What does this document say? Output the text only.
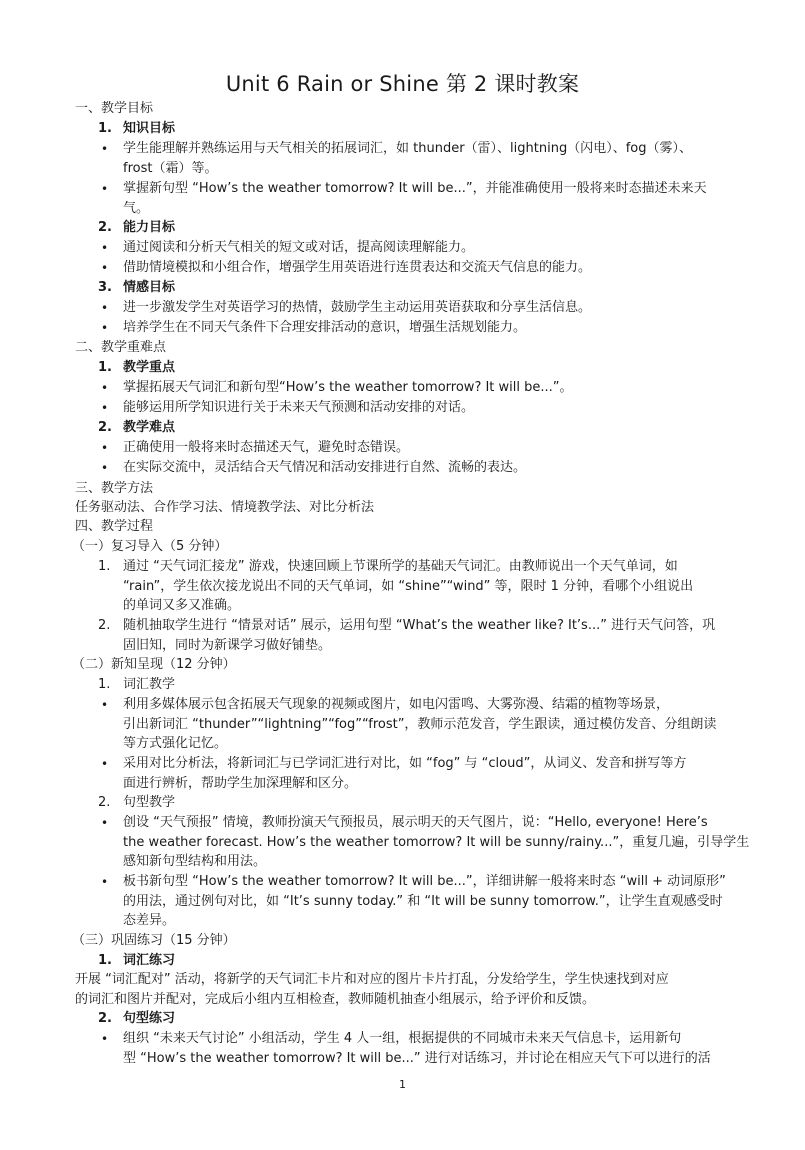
Unit 6 Rain or Shine 第 2 课时教案
一、教学目标
1. 知识目标
• 学生能理解并熟练运用与天气相关的拓展词汇，如 thunder（雷）、lightning（闪电）、fog（雾）、
frost（霜）等。
• 掌握新句型 “How’s the weather tomorrow? It will be...”，并能准确使用一般将来时态描述未来天
气。
2. 能力目标
• 通过阅读和分析天气相关的短文或对话，提高阅读理解能力。
• 借助情境模拟和小组合作，增强学生用英语进行连贯表达和交流天气信息的能力。
3. 情感目标
• 进一步激发学生对英语学习的热情，鼓励学生主动运用英语获取和分享生活信息。
• 培养学生在不同天气条件下合理安排活动的意识，增强生活规划能力。
二、教学重难点
1. 教学重点
• 掌握拓展天气词汇和新句型“How’s the weather tomorrow? It will be...”。
• 能够运用所学知识进行关于未来天气预测和活动安排的对话。
2. 教学难点
• 正确使用一般将来时态描述天气，避免时态错误。
• 在实际交流中，灵活结合天气情况和活动安排进行自然、流畅的表达。
三、教学方法
任务驱动法、合作学习法、情境教学法、对比分析法
四、教学过程
（一）复习导入（5 分钟）
1. 通过 “天气词汇接龙” 游戏，快速回顾上节课所学的基础天气词汇。由教师说出一个天气单词，如
“rain”，学生依次接龙说出不同的天气单词，如 “shine”“wind” 等，限时 1 分钟，看哪个小组说出
的单词又多又准确。
2. 随机抽取学生进行 “情景对话” 展示，运用句型 “What’s the weather like? It’s...” 进行天气问答，巩
固旧知，同时为新课学习做好铺垫。
（二）新知呈现（12 分钟）
1. 词汇教学
• 利用多媒体展示包含拓展天气现象的视频或图片，如电闪雷鸣、大雾弥漫、结霜的植物等场景，
引出新词汇 “thunder”“lightning”“fog”“frost”，教师示范发音，学生跟读，通过模仿发音、分组朗读
等方式强化记忆。
• 采用对比分析法，将新词汇与已学词汇进行对比，如 “fog” 与 “cloud”，从词义、发音和拼写等方
面进行辨析，帮助学生加深理解和区分。
2. 句型教学
• 创设 “天气预报” 情境，教师扮演天气预报员，展示明天的天气图片，说：“Hello, everyone! Here’s
the weather forecast. How’s the weather tomorrow? It will be sunny/rainy...”，重复几遍，引导学生
感知新句型结构和用法。
• 板书新句型 “How’s the weather tomorrow? It will be...”，详细讲解一般将来时态 “will + 动词原形”
的用法，通过例句对比，如 “It’s sunny today.” 和 “It will be sunny tomorrow.”，让学生直观感受时
态差异。
（三）巩固练习（15 分钟）
1. 词汇练习
开展 “词汇配对” 活动，将新学的天气词汇卡片和对应的图片卡片打乱，分发给学生，学生快速找到对应
的词汇和图片并配对，完成后小组内互相检查，教师随机抽查小组展示，给予评价和反馈。
2. 句型练习
• 组织 “未来天气讨论” 小组活动，学生 4 人一组，根据提供的不同城市未来天气信息卡，运用新句
型 “How’s the weather tomorrow? It will be...” 进行对话练习，并讨论在相应天气下可以进行的活
1
